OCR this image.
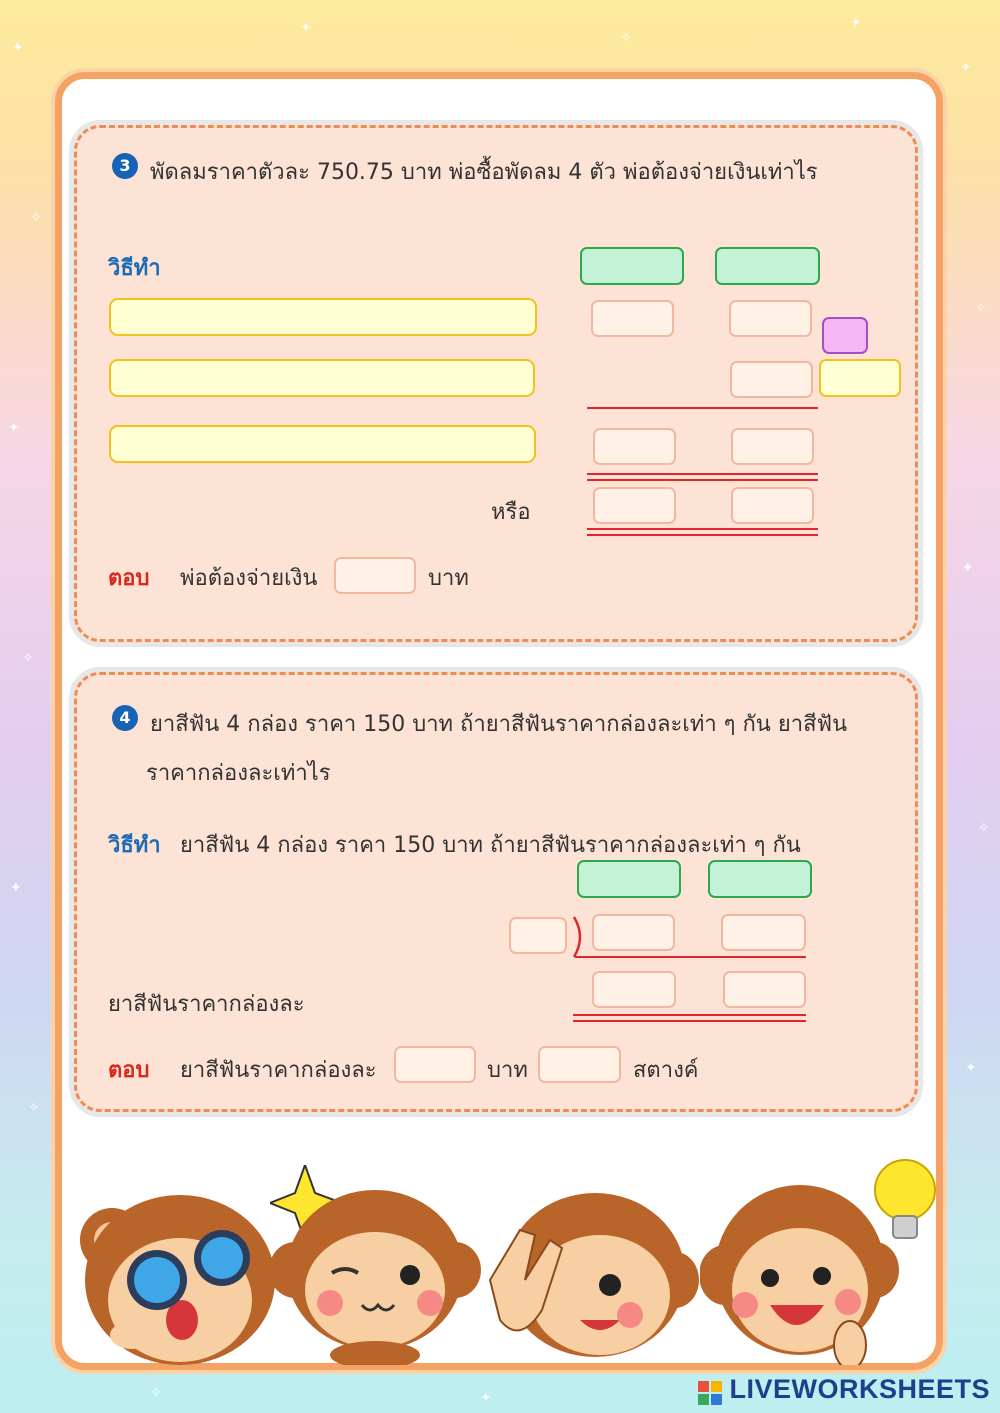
✦
✧
✦
✧
✦
✧
✦
✧
✦
✧
✦
✦
✧
✦
✧	✦
3 พัดลมราคาตัวละ 750.75 บาท พ่อซื้อพัดลม 4 ตัว พ่อต้องจ่ายเงินเท่าไร
วิธีทำ
หรือ
ตอบ พ่อต้องจ่ายเงิน	บาท
4 ยาสีฟัน 4 กล่อง ราคา 150 บาท ถ้ายาสีฟันราคากล่องละเท่า ๆ กัน ยาสีฟัน
ราคากล่องละเท่าไร
วิธีทำ ยาสีฟัน 4 กล่อง ราคา 150 บาท ถ้ายาสีฟันราคากล่องละเท่า ๆ กัน
ยาสีฟันราคากล่องละ
ตอบ ยาสีฟันราคากล่องละ	บาท	สตางค์
LIVEWORKSHEETS
